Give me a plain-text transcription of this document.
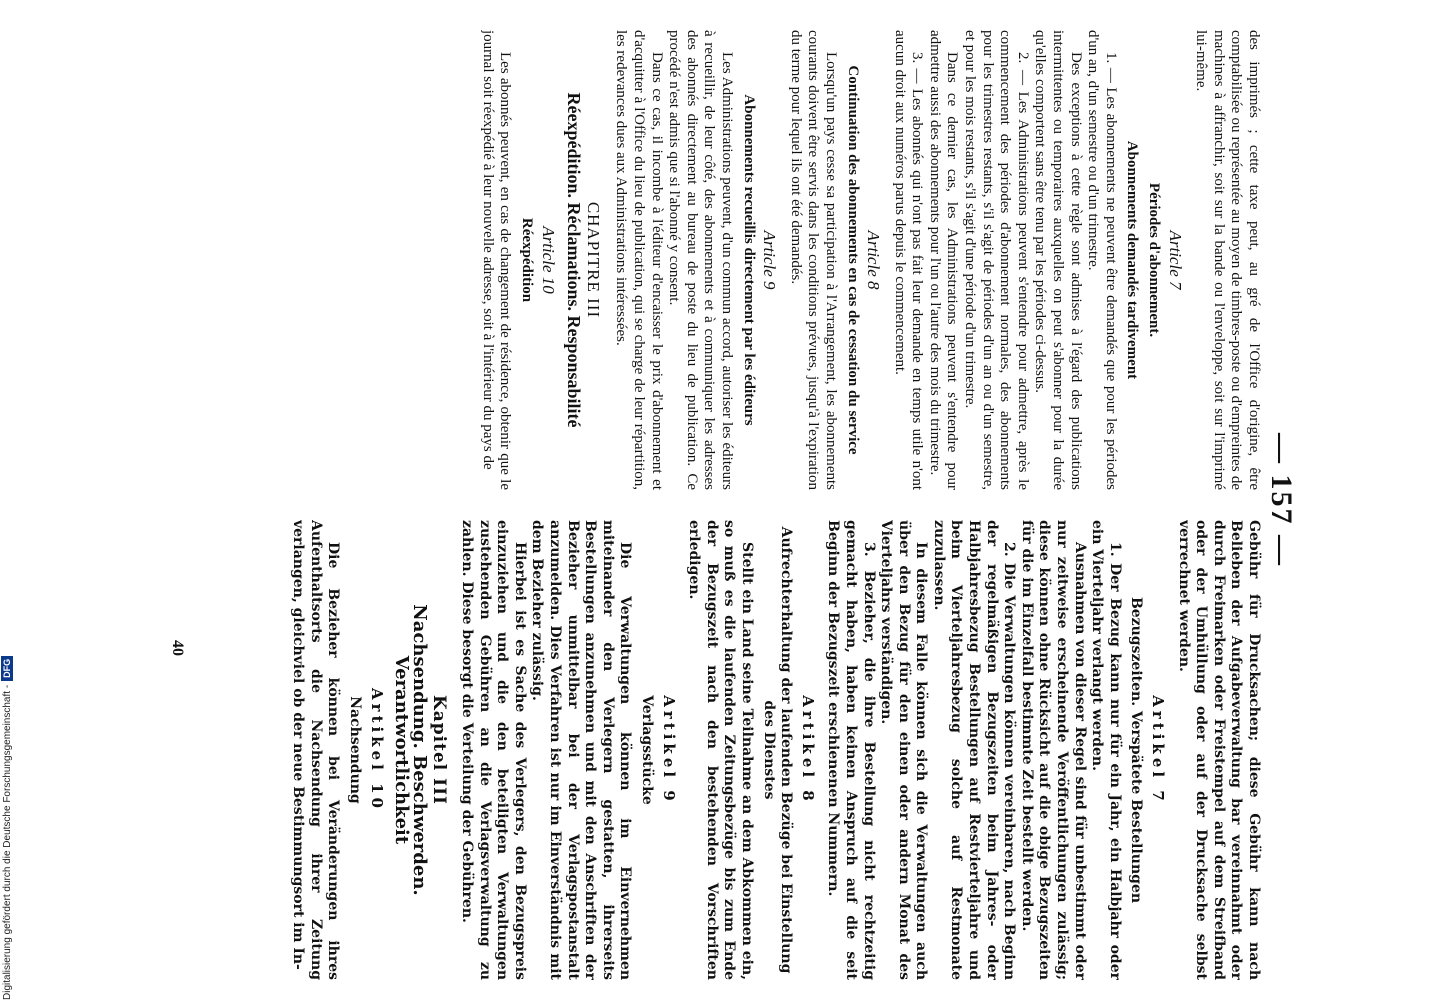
— 157 —

des imprimés ; cette taxe peut, au gré de l'Office d'origine, être comptabilisée ou représentée au moyen de timbres-poste ou d'empreintes de machines à affranchir, soit sur la bande ou l'enveloppe, soit sur l'imprimé lui-même.

Article 7
Périodes d'abonnement.
Abonnements demandés tardivement

1. — Les abonnements ne peuvent être demandés que pour les périodes d'un an, d'un semestre ou d'un trimestre.

Des exceptions à cette règle sont admises à l'égard des publications intermittentes ou temporaires auxquelles on peut s'abonner pour la durée qu'elles comportent sans être tenu par les périodes ci-dessus.

2. — Les Administrations peuvent s'entendre pour admettre, après le commencement des périodes d'abonnement normales, des abonnements pour les trimestres restants, s'il s'agit de périodes d'un an ou d'un semestre, et pour les mois restants, s'il s'agit d'une période d'un trimestre.

Dans ce dernier cas, les Administrations peuvent s'entendre pour admettre aussi des abonnements pour l'un ou l'autre des mois du trimestre.

3. — Les abonnés qui n'ont pas fait leur demande en temps utile n'ont aucun droit aux numéros parus depuis le commencement.

Article 8
Continuation des abonnements en cas de cessation du service

Lorsqu'un pays cesse sa participation à l'Arrangement, les abonnements courants doivent être servis dans les conditions prévues, jusqu'à l'expiration du terme pour lequel ils ont été demandés.

Article 9
Abonnements recueillis directement par les éditeurs

Les Administrations peuvent, d'un commun accord, autoriser les éditeurs à recueillir, de leur côté, des abonnements et à communiquer les adresses des abonnés directement au bureau de poste du lieu de publication. Ce procédé n'est admis que si l'abonné y consent.

Dans ce cas, il incombe à l'éditeur d'encaisser le prix d'abonnement et d'acquitter à l'Office du lieu de publication, qui se charge de leur répartition, les redevances dues aux Administrations intéressées.

CHAPITRE III
Réexpédition. Réclamations. Responsabilité
Article 10
Réexpédition

Les abonnés peuvent, en cas de changement de résidence, obtenir que le journal soit réexpédié à leur nouvelle adresse, soit à l'intérieur du pays de

Gebühr für Drucksachen; diese Gebühr kann nach Belieben der Aufgabeverwaltung bar vereinnahmt oder durch Freimarken oder Freistempel auf dem Streifband oder der Umhüllung oder auf der Drucksache selbst verrechnet werden.

Artikel 7
Bezugszeiten. Verspätete Bestellungen

1. Der Bezug kann nur für ein Jahr, ein Halbjahr oder ein Vierteljahr verlangt werden.

Ausnahmen von dieser Regel sind für unbestimmt oder nur zeitweise erscheinende Veröffentlichungen zulässig; diese können ohne Rücksicht auf die obige Bezugszeiten für die im Einzelfall bestimmte Zeit bestellt werden.

2. Die Verwaltungen können vereinbaren, nach Beginn der regelmäßigen Bezugszeiten beim Jahres- oder Halbjahresbezug Bestellungen auf Restvierteljahre und beim Vierteljahresbezug solche auf Restmonate zuzulassen.

In diesem Falle können sich die Verwaltungen auch über den Bezug für den einen oder andern Monat des Vierteljahrs verständigen.

3. Bezieher, die ihre Bestellung nicht rechtzeitig gemacht haben, haben keinen Anspruch auf die seit Beginn der Bezugszeit erschienenen Nummern.

Artikel 8
Aufrechterhaltung der laufenden Bezüge bei Einstellung des Dienstes

Stellt ein Land seine Teilnahme an dem Abkommen ein, so muß es die laufenden Zeitungsbezüge bis zum Ende der Bezugszeit nach den bestehenden Vorschriften erledigen.

Artikel 9
Verlagsstücke

Die Verwaltungen können im Einvernehmen miteinander den Verlegern gestatten, ihrerseits Bestellungen anzunehmen und mit den Anschriften der Bezieher unmittelbar bei der Verlagspostanstalt anzumelden. Dies Verfahren ist nur im Einverständnis mit dem Bezieher zulässig.

Hierbei ist es Sache des Verlegers, den Bezugspreis einzuziehen und die den beteiligten Verwaltungen zustehenden Gebühren an die Verlagsverwaltung zu zahlen. Diese besorgt die Verteilung der Gebühren.

Kapitel III
Nachsendung. Beschwerden. Verantwortlichkeit
Artikel 10
Nachsendung

Die Bezieher können bei Veränderungen ihres Aufenthaltsorts die Nachsendung ihrer Zeitung verlangen, gleichviel ob der neue Bestimmungsort im In-

40
Digitalisierung gefördert durch die Deutsche Forschungsgemeinschaft -DFG
